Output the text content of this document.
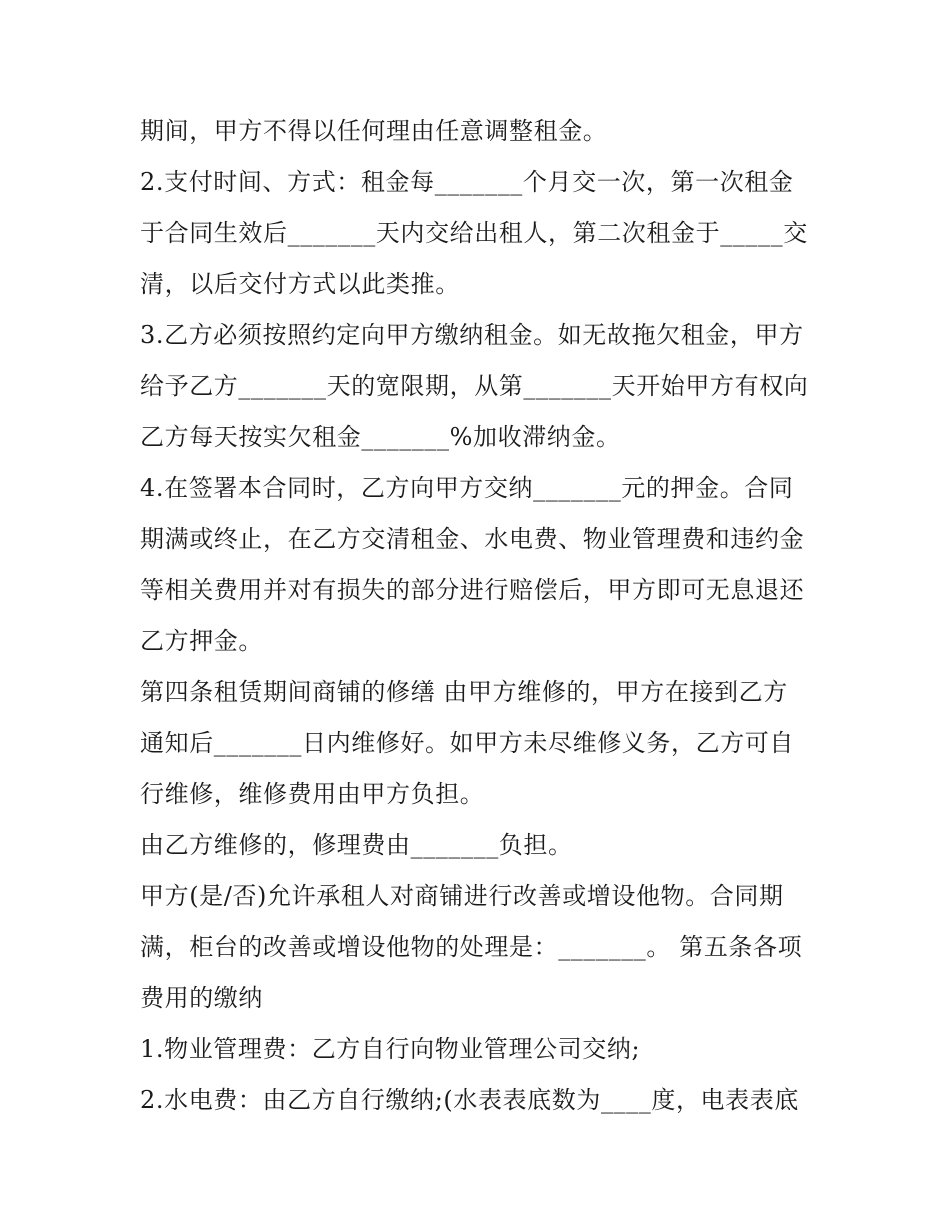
期间，甲方不得以任何理由任意调整租金。
2.支付时间、方式：租金每_______个月交一次，第一次租金
于合同生效后_______天内交给出租人，第二次租金于_____交
清，以后交付方式以此类推。
3.乙方必须按照约定向甲方缴纳租金。如无故拖欠租金，甲方
给予乙方_______天的宽限期，从第_______天开始甲方有权向
乙方每天按实欠租金_______%加收滞纳金。
4.在签署本合同时，乙方向甲方交纳_______元的押金。合同
期满或终止，在乙方交清租金、水电费、物业管理费和违约金
等相关费用并对有损失的部分进行赔偿后，甲方即可无息退还
乙方押金。
第四条租赁期间商铺的修缮 由甲方维修的，甲方在接到乙方
通知后_______日内维修好。如甲方未尽维修义务，乙方可自
行维修，维修费用由甲方负担。
由乙方维修的，修理费由_______负担。
甲方(是/否)允许承租人对商铺进行改善或增设他物。合同期
满，柜台的改善或增设他物的处理是：_______。 第五条各项
费用的缴纳
1.物业管理费：乙方自行向物业管理公司交纳;
2.水电费：由乙方自行缴纳;(水表表底数为____度，电表表底
